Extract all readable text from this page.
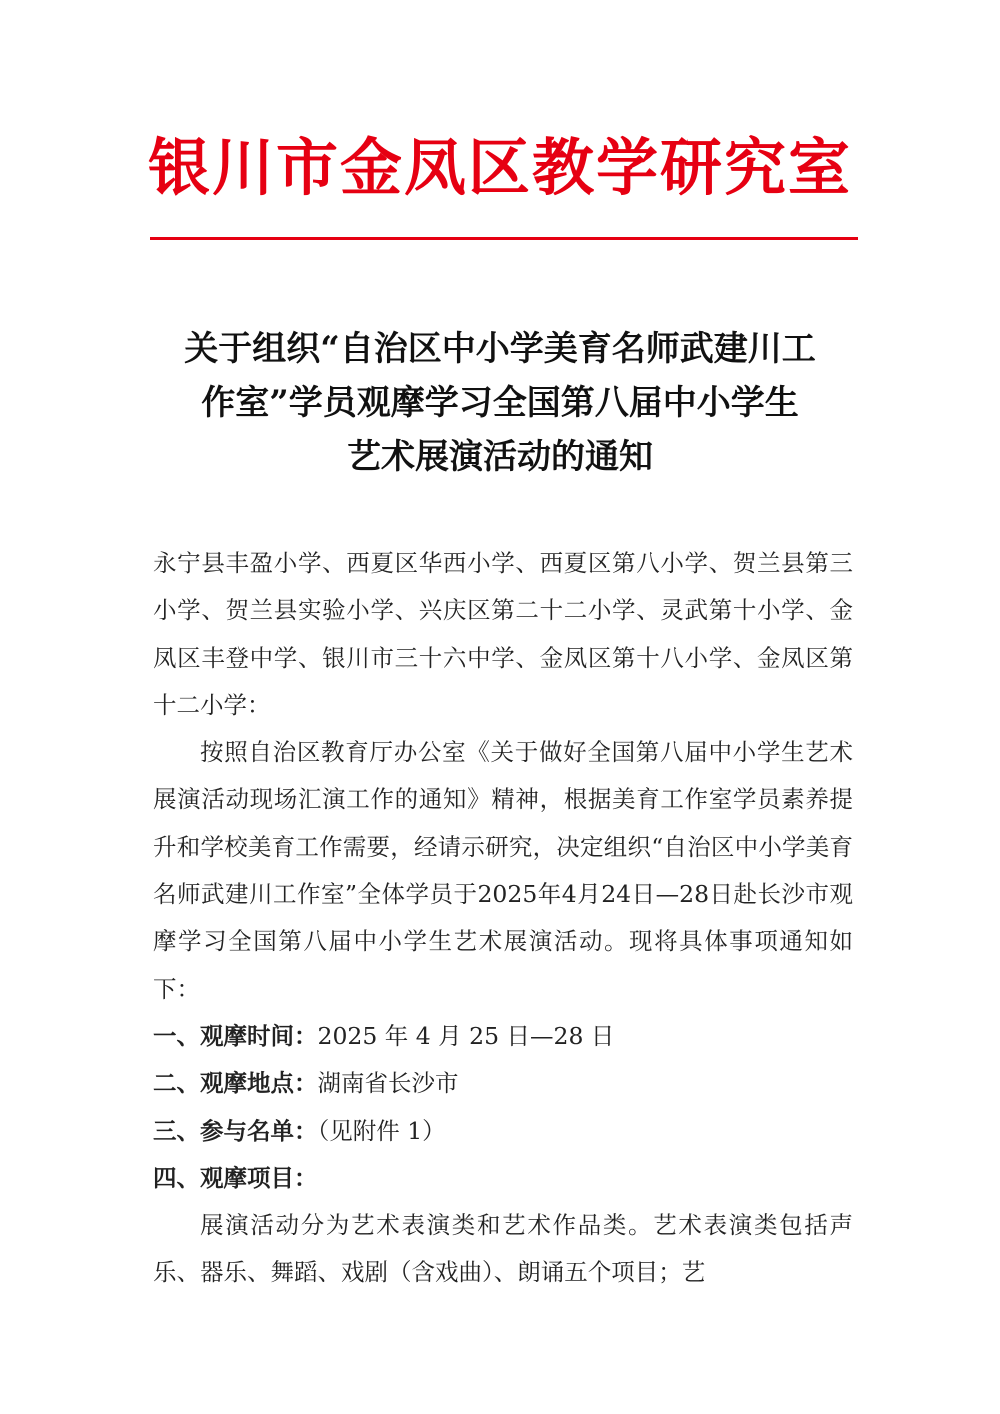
银川市金凤区教学研究室
关于组织“自治区中小学美育名师武建川工
作室”学员观摩学习全国第八届中小学生
艺术展演活动的通知

永宁县丰盈小学、西夏区华西小学、西夏区第八小学、贺兰县第三小学、贺兰县实验小学、兴庆区第二十二小学、灵武第十小学、金凤区丰登中学、银川市三十六中学、金凤区第十八小学、金凤区第十二小学：

按照自治区教育厅办公室《关于做好全国第八届中小学生艺术展演活动现场汇演工作的通知》精神，根据美育工作室学员素养提升和学校美育工作需要，经请示研究，决定组织“自治区中小学美育名师武建川工作室”全体学员于2025年4月24日—28日赴长沙市观摩学习全国第八届中小学生艺术展演活动。现将具体事项通知如下：

一、观摩时间：2025 年 4 月 25 日—28 日

二、观摩地点：湖南省长沙市

三、参与名单：（见附件 1）

四、观摩项目：

展演活动分为艺术表演类和艺术作品类。艺术表演类包括声乐、器乐、舞蹈、戏剧（含戏曲）、朗诵五个项目；艺
